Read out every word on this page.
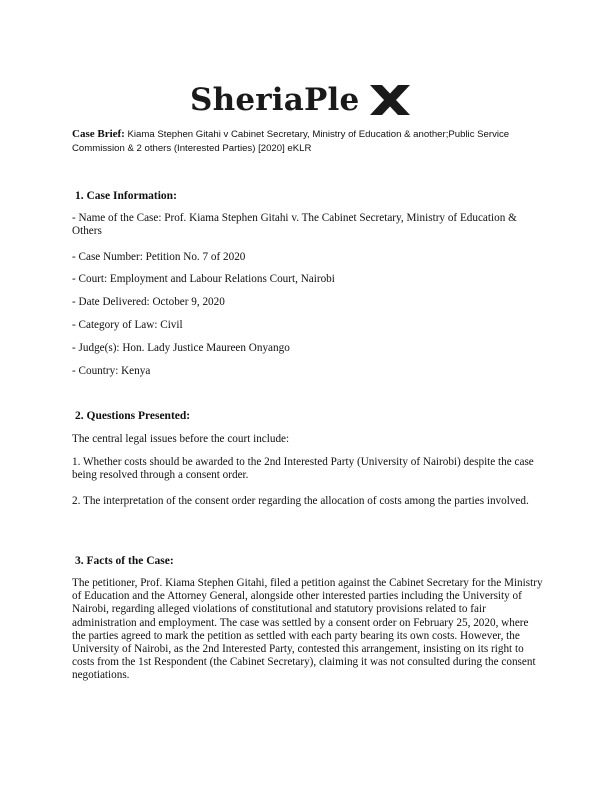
SheriaPle
Case Brief: Kiama Stephen Gitahi v Cabinet Secretary, Ministry of Education & another;Public Service Commission & 2 others (Interested Parties) [2020] eKLR
1. Case Information:
- Name of the Case: Prof. Kiama Stephen Gitahi v. The Cabinet Secretary, Ministry of Education & Others
- Case Number: Petition No. 7 of 2020
- Court: Employment and Labour Relations Court, Nairobi
- Date Delivered: October 9, 2020
- Category of Law: Civil
- Judge(s): Hon. Lady Justice Maureen Onyango
- Country: Kenya
2. Questions Presented:
The central legal issues before the court include:
1. Whether costs should be awarded to the 2nd Interested Party (University of Nairobi) despite the case being resolved through a consent order.
2. The interpretation of the consent order regarding the allocation of costs among the parties involved.
3. Facts of the Case:
The petitioner, Prof. Kiama Stephen Gitahi, filed a petition against the Cabinet Secretary for the Ministry of Education and the Attorney General, alongside other interested parties including the University of Nairobi, regarding alleged violations of constitutional and statutory provisions related to fair administration and employment. The case was settled by a consent order on February 25, 2020, where the parties agreed to mark the petition as settled with each party bearing its own costs. However, the University of Nairobi, as the 2nd Interested Party, contested this arrangement, insisting on its right to costs from the 1st Respondent (the Cabinet Secretary), claiming it was not consulted during the consent negotiations.
